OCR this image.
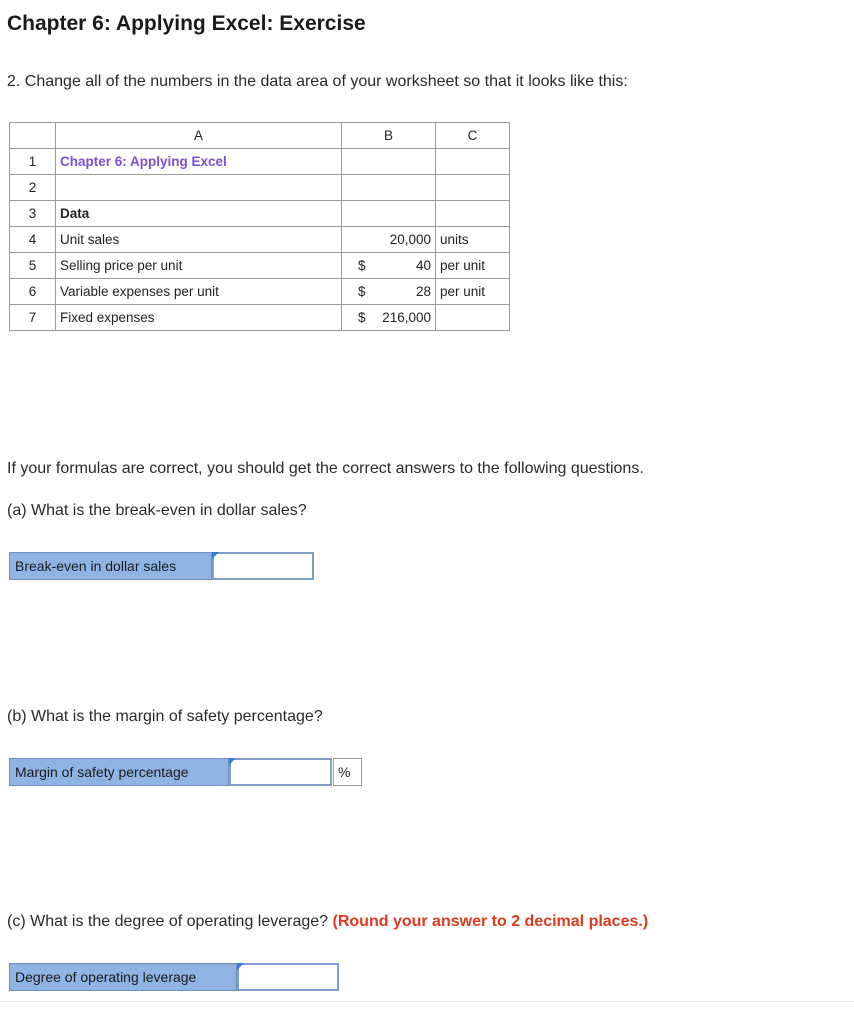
Chapter 6: Applying Excel: Exercise

2. Change all of the numbers in the data area of your worksheet so that it looks like this:

	A	B	C
1	Chapter 6: Applying Excel		
2			
3	Data		
4	Unit sales	20,000	units
5	Selling price per unit	$ 40	per unit
6	Variable expenses per unit	$ 28	per unit
7	Fixed expenses	$ 216,000	

If your formulas are correct, you should get the correct answers to the following questions.

(a) What is the break-even in dollar sales?

Break-even in dollar sales

(b) What is the margin of safety percentage?

Margin of safety percentage	%

(c) What is the degree of operating leverage? (Round your answer to 2 decimal places.)

Degree of operating leverage
